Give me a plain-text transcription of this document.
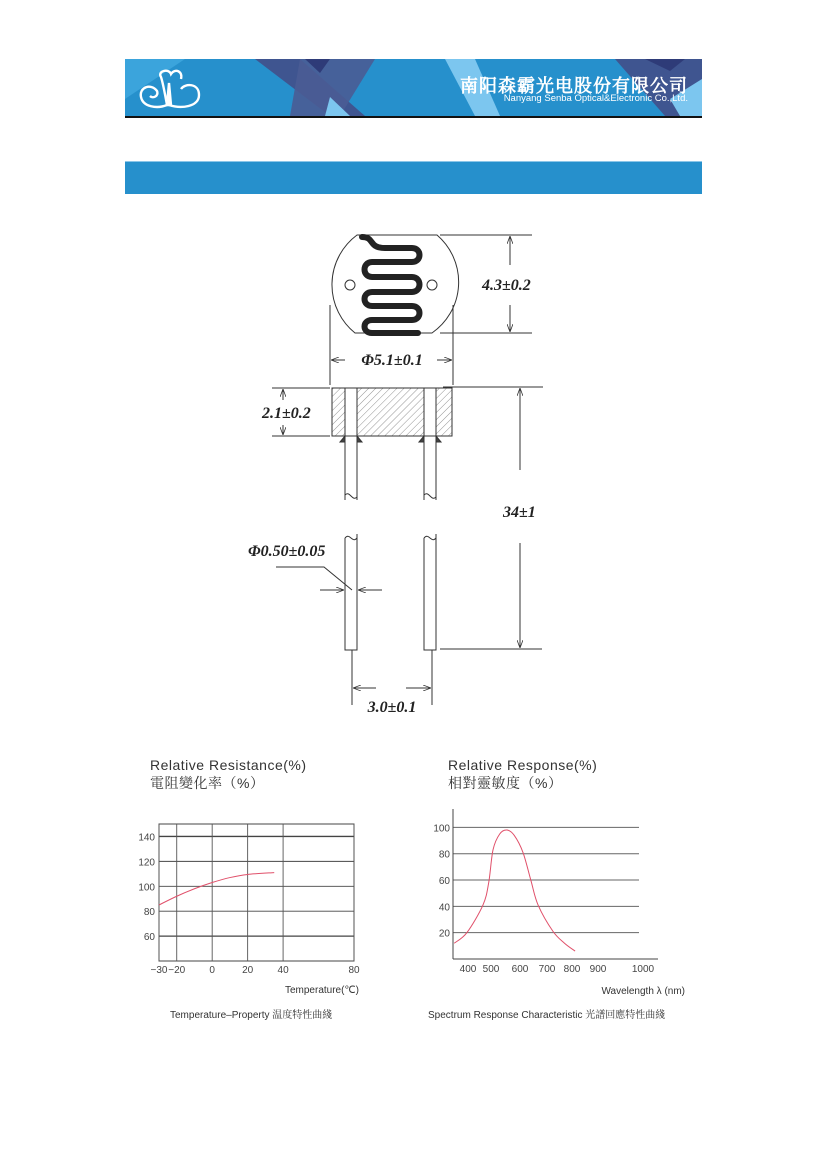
南阳森霸光电股份有限公司
Nanyang Senba Optical&Electronic Co.,Ltd.
4.3±0.2
Φ5.1±0.1
2.1±0.2
34±1
Φ0.50±0.05
3.0±0.1
Relative Resistance(%)
電阻變化率（%）
60
80
100
120
140
−30 −20 0	20 40	80
Temperature(℃)
Temperature–Property 温度特性曲綫
Relative Response(%)
相對靈敏度（%）
20
40
60
80
100
400 500 600 700 800 900	1000
Wavelength λ (nm)
Spectrum Response Characteristic 光譜回應特性曲綫
